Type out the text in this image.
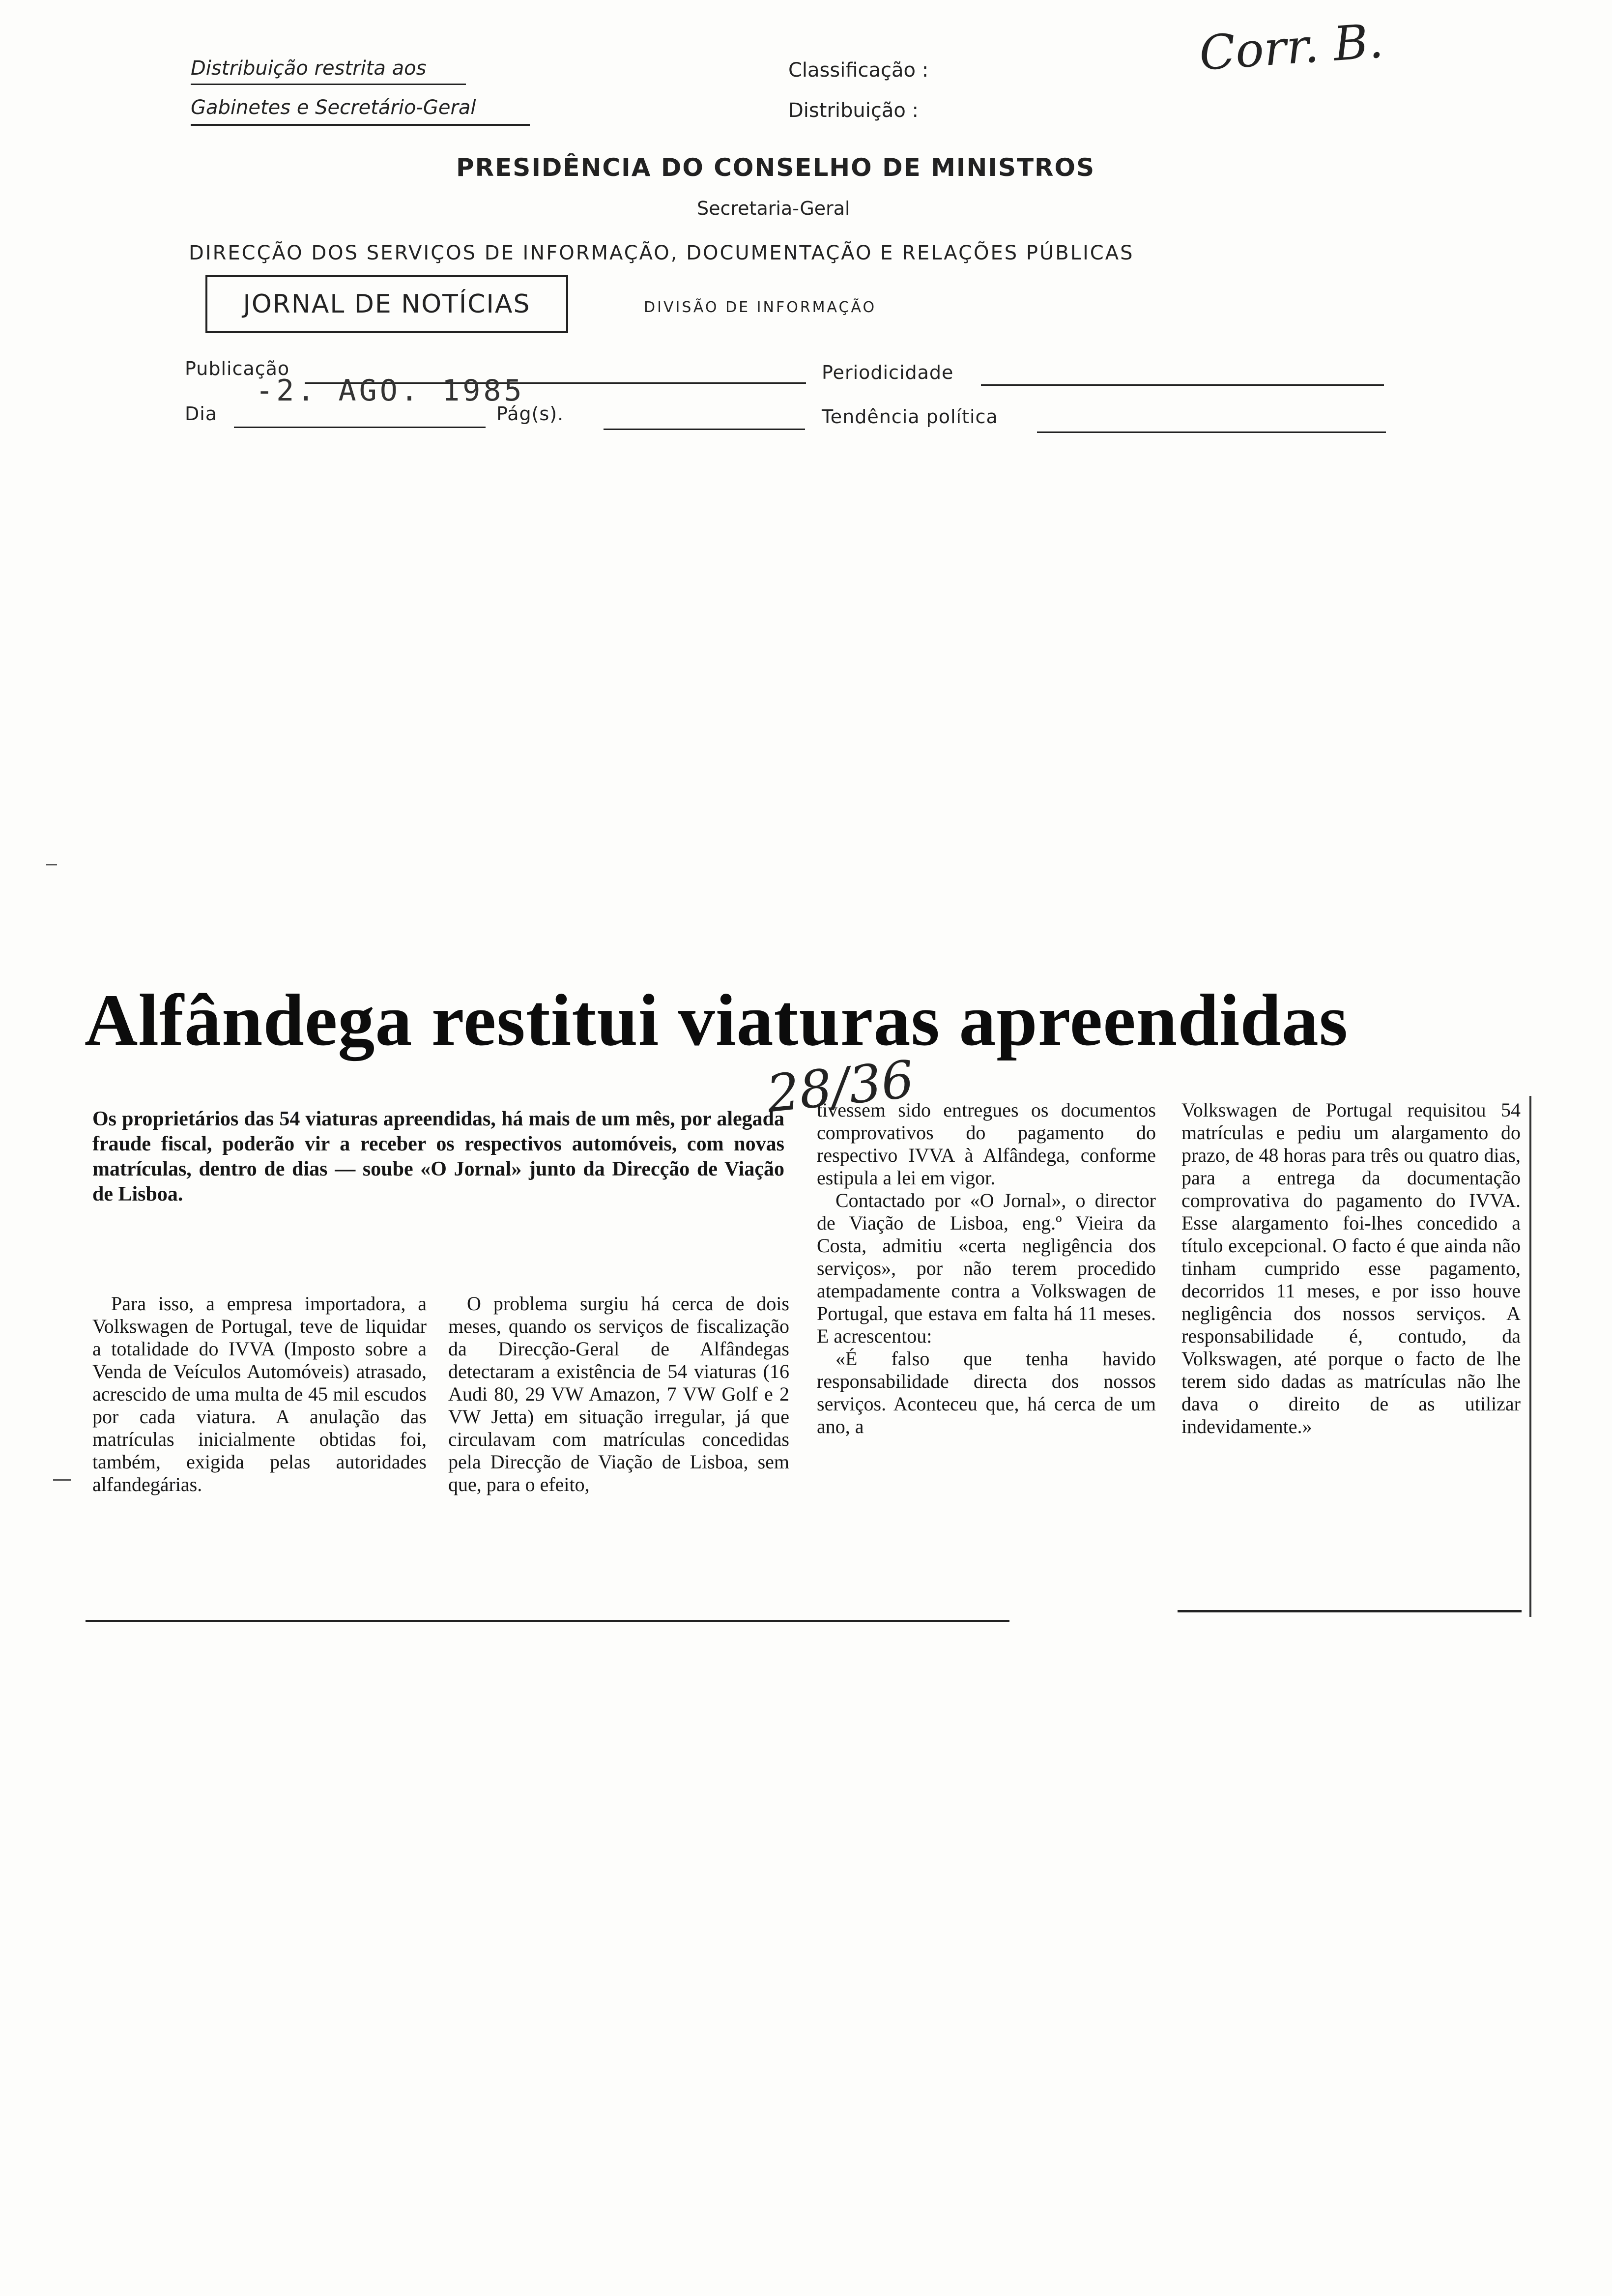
Distribuição restrita aos
Gabinetes e Secretário-Geral
Classificação :
Distribuição :
Corr. B.
PRESIDÊNCIA DO CONSELHO DE MINISTROS
Secretaria-Geral
DIRECÇÃO DOS SERVIÇOS DE INFORMAÇÃO, DOCUMENTAÇÃO E RELAÇÕES PÚBLICAS
JORNAL DE NOTÍCIAS	DIVISÃO DE INFORMAÇÃO
Publicação
-2. AGO. 1985
Periodicidade
Dia	Pág(s).	Tendência política
Alfândega restitui viaturas apreendidas
28/36
Os proprietários das 54 viaturas apreendidas, há mais de um mês, por alegada fraude fiscal, poderão vir a receber os respectivos automóveis, com novas matrículas, dentro de dias — soube «O Jornal» junto da Direcção de Viação de Lisboa.

Para isso, a empresa importadora, a Volkswagen de Portugal, teve de liquidar a totalidade do IVVA (Imposto sobre a Venda de Veículos Automóveis) atrasado, acrescido de uma multa de 45 mil escudos por cada viatura. A anulação das matrículas inicialmente obtidas foi, também, exigida pelas autoridades alfandegárias.

O problema surgiu há cerca de dois meses, quando os serviços de fiscalização da Direcção-Geral de Alfândegas detectaram a existência de 54 viaturas (16 Audi 80, 29 VW Amazon, 7 VW Golf e 2 VW Jetta) em situação irregular, já que circulavam com matrículas concedidas pela Direcção de Viação de Lisboa, sem que, para o efeito,

tivessem sido entregues os documentos comprovativos do pagamento do respectivo IVVA à Alfândega, conforme estipula a lei em vigor.

Contactado por «O Jornal», o director de Viação de Lisboa, eng.º Vieira da Costa, admitiu «certa negligência dos serviços», por não terem procedido atempadamente contra a Volkswagen de Portugal, que estava em falta há 11 meses. E acrescentou:

«É falso que tenha havido responsabilidade directa dos nossos serviços. Aconteceu que, há cerca de um ano, a

Volkswagen de Portugal requisitou 54 matrículas e pediu um alargamento do prazo, de 48 horas para três ou quatro dias, para a entrega da documentação comprovativa do pagamento do IVVA. Esse alargamento foi-lhes concedido a título excepcional. O facto é que ainda não tinham cumprido esse pagamento, decorridos 11 meses, e por isso houve negligência dos nossos serviços. A responsabilidade é, contudo, da Volkswagen, até porque o facto de lhe terem sido dadas as matrículas não lhe dava o direito de as utilizar indevidamente.»
